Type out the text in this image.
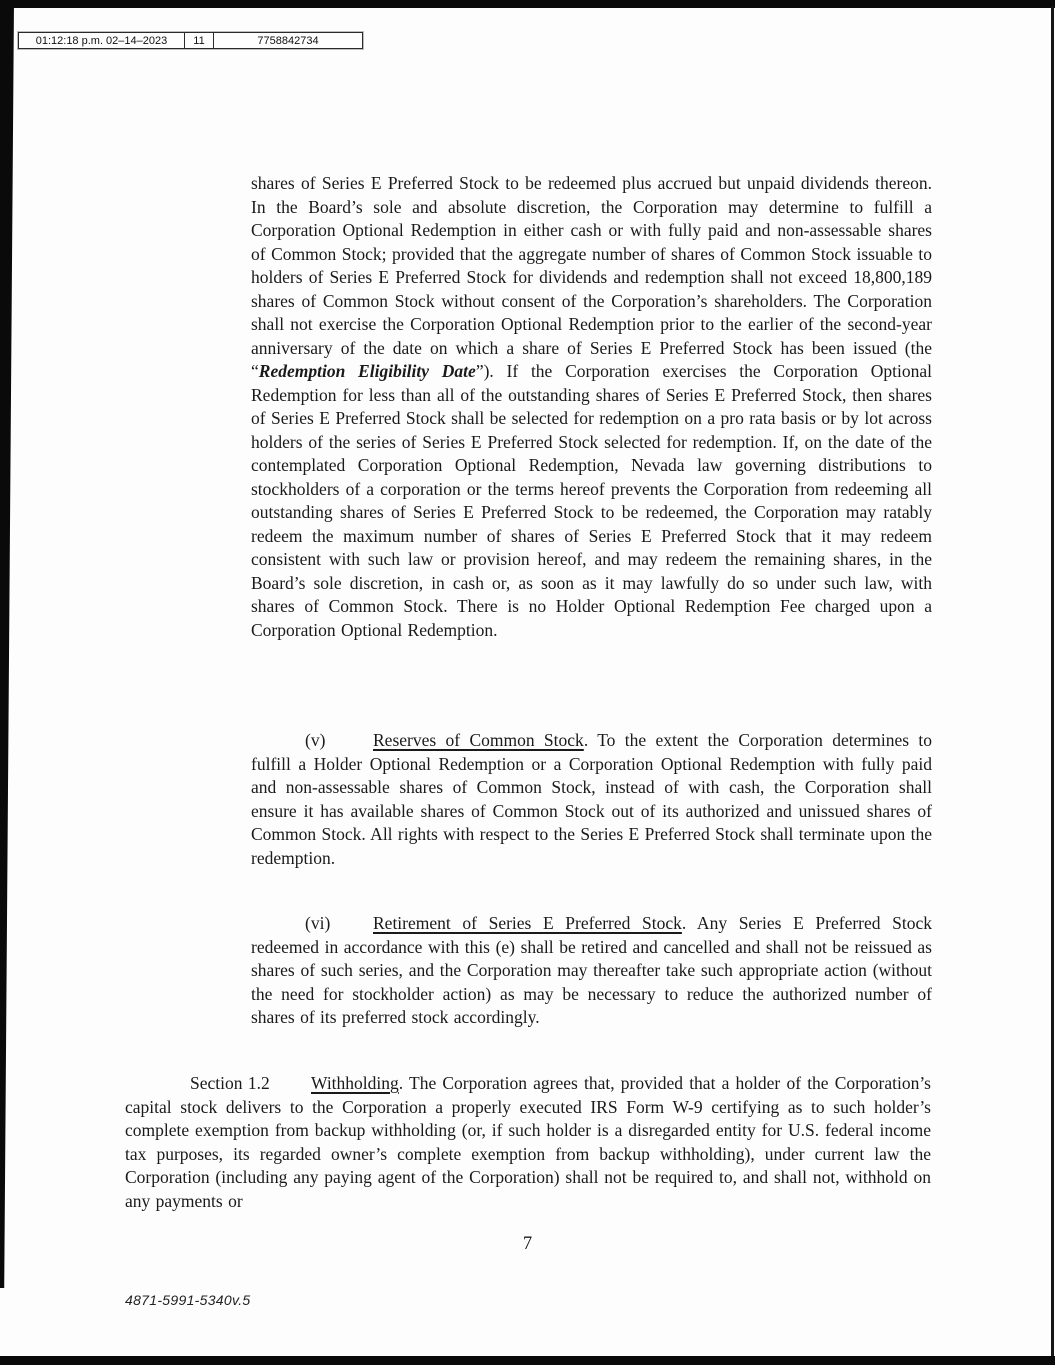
01:12:18 p.m. 02–14–2023	11	7758842734
shares of Series E Preferred Stock to be redeemed plus accrued but unpaid dividends thereon. In the Board’s sole and absolute discretion, the Corporation may determine to fulfill a Corporation Optional Redemption in either cash or with fully paid and non-assessable shares of Common Stock; provided that the aggregate number of shares of Common Stock issuable to holders of Series E Preferred Stock for dividends and redemption shall not exceed 18,800,189 shares of Common Stock without consent of the Corporation’s shareholders. The Corporation shall not exercise the Corporation Optional Redemption prior to the earlier of the second-year anniversary of the date on which a share of Series E Preferred Stock has been issued (the “Redemption Eligibility Date”). If the Corporation exercises the Corporation Optional Redemption for less than all of the outstanding shares of Series E Preferred Stock, then shares of Series E Preferred Stock shall be selected for redemption on a pro rata basis or by lot across holders of the series of Series E Preferred Stock selected for redemption. If, on the date of the contemplated Corporation Optional Redemption, Nevada law governing distributions to stockholders of a corporation or the terms hereof prevents the Corporation from redeeming all outstanding shares of Series E Preferred Stock to be redeemed, the Corporation may ratably redeem the maximum number of shares of Series E Preferred Stock that it may redeem consistent with such law or provision hereof, and may redeem the remaining shares, in the Board’s sole discretion, in cash or, as soon as it may lawfully do so under such law, with shares of Common Stock. There is no Holder Optional Redemption Fee charged upon a Corporation Optional Redemption.
(v)	Reserves of Common Stock. To the extent the Corporation determines to fulfill a Holder Optional Redemption or a Corporation Optional Redemption with fully paid and non-assessable shares of Common Stock, instead of with cash, the Corporation shall ensure it has available shares of Common Stock out of its authorized and unissued shares of Common Stock. All rights with respect to the Series E Preferred Stock shall terminate upon the redemption.
(vi) Retirement of Series E Preferred Stock. Any Series E Preferred Stock redeemed in accordance with this (e) shall be retired and cancelled and shall not be reissued as shares of such series, and the Corporation may thereafter take such appropriate action (without the need for stockholder action) as may be necessary to reduce the authorized number of shares of its preferred stock accordingly.
Section 1.2 Withholding. The Corporation agrees that, provided that a holder of the Corporation’s capital stock delivers to the Corporation a properly executed IRS Form W-9 certifying as to such holder’s complete exemption from backup withholding (or, if such holder is a disregarded entity for U.S. federal income tax purposes, its regarded owner’s complete exemption from backup withholding), under current law the Corporation (including any paying agent of the Corporation) shall not be required to, and shall not, withhold on any payments or
7
4871-5991-5340v.5
